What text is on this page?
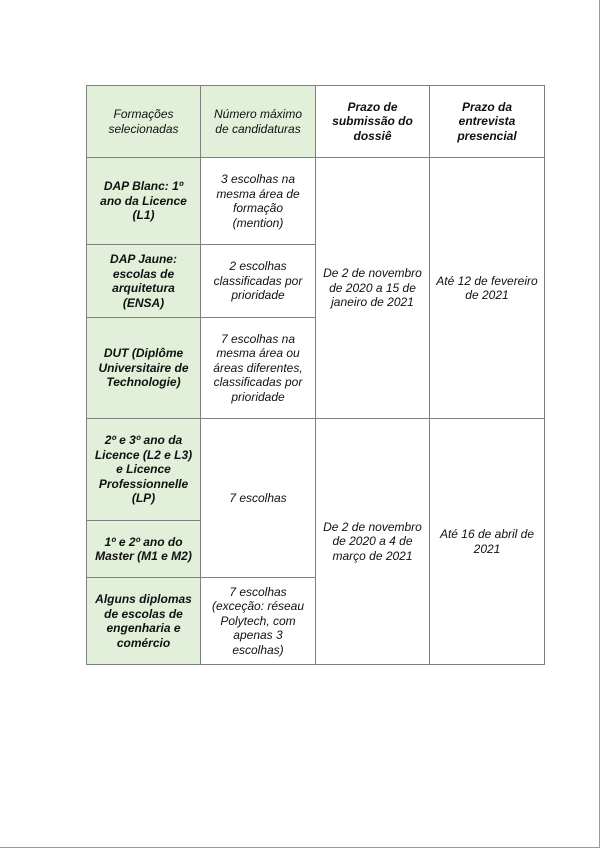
Formações selecionadas	Número máximo de candidaturas	Prazo de submissão do dossiê	Prazo da entrevista presencial
DAP Blanc: 1º ano da Licence (L1)	3 escolhas na mesma área de formação (mention)	De 2 de novembro de 2020 a 15 de janeiro de 2021	Até 12 de fevereiro de 2021
DAP Jaune: escolas de arquitetura (ENSA)	2 escolhas classificadas por prioridade		
DUT (Diplôme Universitaire de Technologie)	7 escolhas na mesma área ou áreas diferentes, classificadas por prioridade		
2º e 3º ano da Licence (L2 e L3) e Licence Professionnelle (LP)	7 escolhas	De 2 de novembro de 2020 a 4 de março de 2021	Até 16 de abril de 2021
1º e 2º ano do Master (M1 e M2)			
Alguns diplomas de escolas de engenharia e comércio	7 escolhas (exceção: réseau Polytech, com apenas 3 escolhas)		
